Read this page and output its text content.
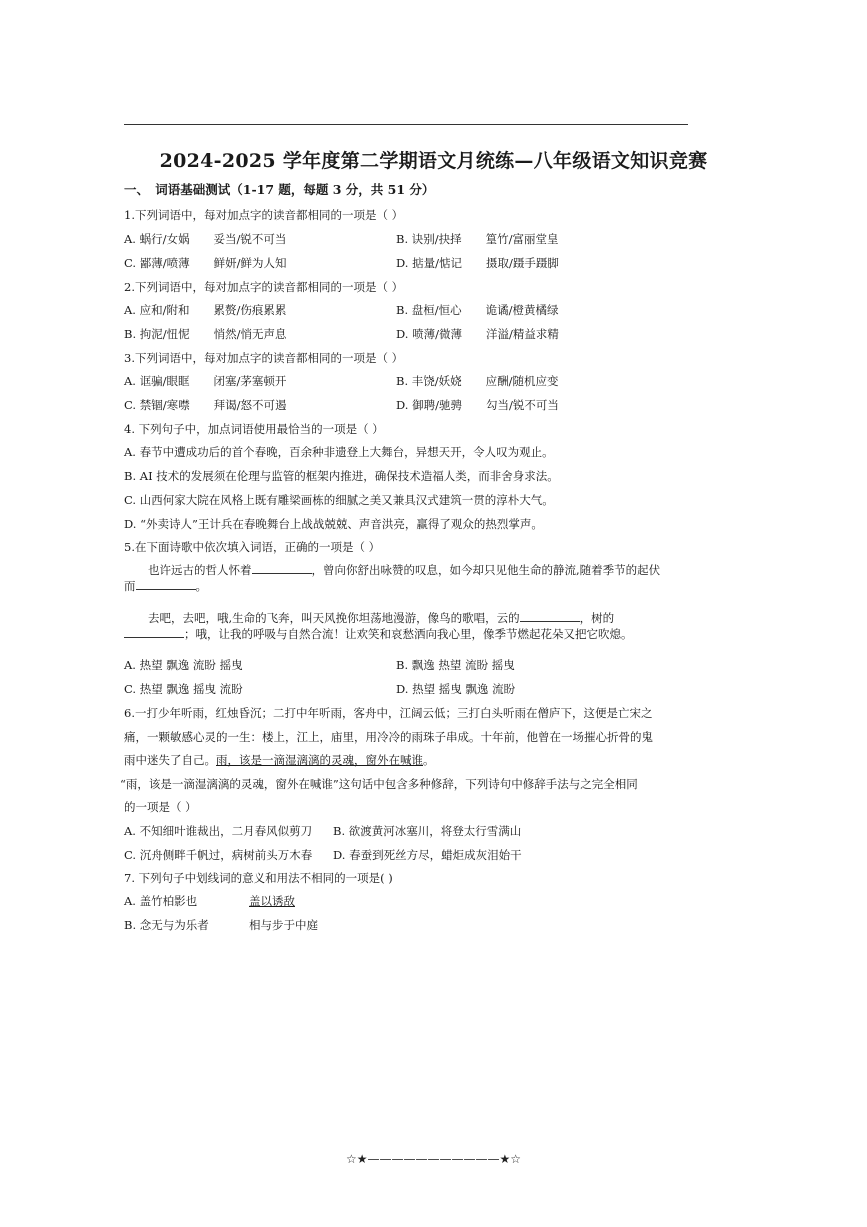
2024-2025 学年度第二学期语文月统练—八年级语文知识竞赛
一、　词语基础测试（1-17 题，每题 3 分，共 51 分）
1.下列词语中，每对加点字的读音都相同的一项是（ ）
A. 蜗行/女娲 妥当/锐不可当	B. 诀别/抉择 篁竹/富丽堂皇
C. 鄙薄/喷薄 鲜妍/鲜为人知	D. 掂量/惦记 摄取/蹑手蹑脚
2.下列词语中，每对加点字的读音都相同的一项是（ ）
A. 应和/附和 累赘/伤痕累累	B. 盘桓/恒心 诡谲/橙黄橘绿
B. 拘泥/忸怩 悄然/悄无声息	D. 喷薄/微薄 洋溢/精益求精
3.下列词语中，每对加点字的读音都相同的一项是（ ）
A. 诓骗/眼眶 闭塞/茅塞顿开	B. 丰饶/妖娆 应酬/随机应变
C. 禁锢/寒噤 拜谒/怒不可遏	D. 御聘/驰骋 勾当/锐不可当
4. 下列句子中，加点词语使用最恰当的一项是（ ）
A. 春节中遭成功后的首个春晚，百余种非遗登上大舞台，异想天开，令人叹为观止。
B. AI 技术的发展须在伦理与监管的框架内推进，确保技术造福人类，而非舍身求法。
C. 山西何家大院在风格上既有雕梁画栋的细腻之美又兼具汉式建筑一贯的淳朴大气。
D. “外卖诗人”王计兵在春晚舞台上战战兢兢、声音洪亮，赢得了观众的热烈掌声。
5.在下面诗歌中依次填入词语，正确的一项是（ ）
也许远古的哲人怀着	，曾向你舒出咏赞的叹息，如今却只见他生命的静流,随着季节的起伏
而	。
去吧，去吧，哦,生命的飞奔，叫天风挽你坦荡地漫游，像鸟的歌唱，云的	，树的
；哦，让我的呼吸与自然合流！让欢笑和哀愁洒向我心里，像季节燃起花朵又把它吹熄。
A. 热望 飘逸 流盼 摇曳	B. 飘逸 热望 流盼 摇曳
C. 热望 飘逸 摇曳 流盼	D. 热望 摇曳 飘逸 流盼
6.一打少年听雨，红烛昏沉；二打中年听雨，客舟中，江阔云低；三打白头听雨在僧庐下，这便是亡宋之
痛，一颗敏感心灵的一生：楼上，江上，庙里，用冷冷的雨珠子串成。十年前，他曾在一场摧心折骨的鬼
雨中迷失了自己。雨，该是一滴湿漓漓的灵魂，窗外在喊谁。
“雨，该是一滴湿漓漓的灵魂，窗外在喊谁”这句话中包含多种修辞，下列诗句中修辞手法与之完全相同
的一项是（ ）
A. 不知细叶谁裁出，二月春风似剪刀 B. 欲渡黄河冰塞川，将登太行雪满山
C. 沉舟侧畔千帆过，病树前头万木春 D. 春蚕到死丝方尽，蜡炬成灰泪始干
7. 下列句子中划线词的意义和用法不相同的一项是( )
A. 盖竹柏影也	盖以诱敌
B. 念无与为乐者	相与步于中庭
☆★———————————★☆
